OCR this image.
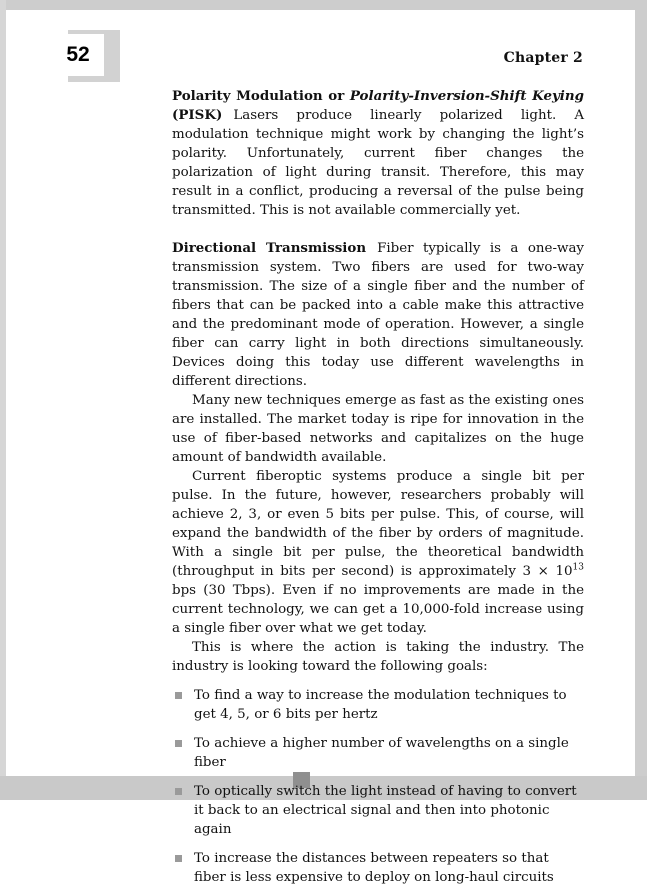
52	Chapter 2

Polarity Modulation or Polarity-Inversion-Shift Keying (PISK) Lasers produce linearly polarized light. A modulation technique might work by changing the light’s polarity. Unfortunately, current fiber changes the polarization of light during transit. Therefore, this may result in a conflict, producing a reversal of the pulse being transmitted. This is not available commercially yet.

Directional Transmission Fiber typically is a one-way transmission system. Two fibers are used for two-way transmission. The size of a single fiber and the number of fibers that can be packed into a cable make this attractive and the predominant mode of operation. However, a single fiber can carry light in both directions simultaneously. Devices doing this today use different wavelengths in different directions.

Many new techniques emerge as fast as the existing ones are installed. The market today is ripe for innovation in the use of fiber-based networks and capitalizes on the huge amount of bandwidth available.

Current fiberoptic systems produce a single bit per pulse. In the future, however, researchers probably will achieve 2, 3, or even 5 bits per pulse. This, of course, will expand the bandwidth of the fiber by orders of magnitude. With a single bit per pulse, the theoretical bandwidth (throughput in bits per second) is approximately $3 \times 10^{13}$ bps (30 Tbps). Even if no improvements are made in the current technology, we can get a 10,000-fold increase using a single fiber over what we get today.

This is where the action is taking the industry. The industry is looking toward the following goals:

To find a way to increase the modulation techniques to get 4, 5, or 6 bits per hertz
To achieve a higher number of wavelengths on a single fiber
To optically switch the light instead of having to convert it back to an electrical signal and then into photonic again
To increase the distances between repeaters so that fiber is less expensive to deploy on long-haul circuits
